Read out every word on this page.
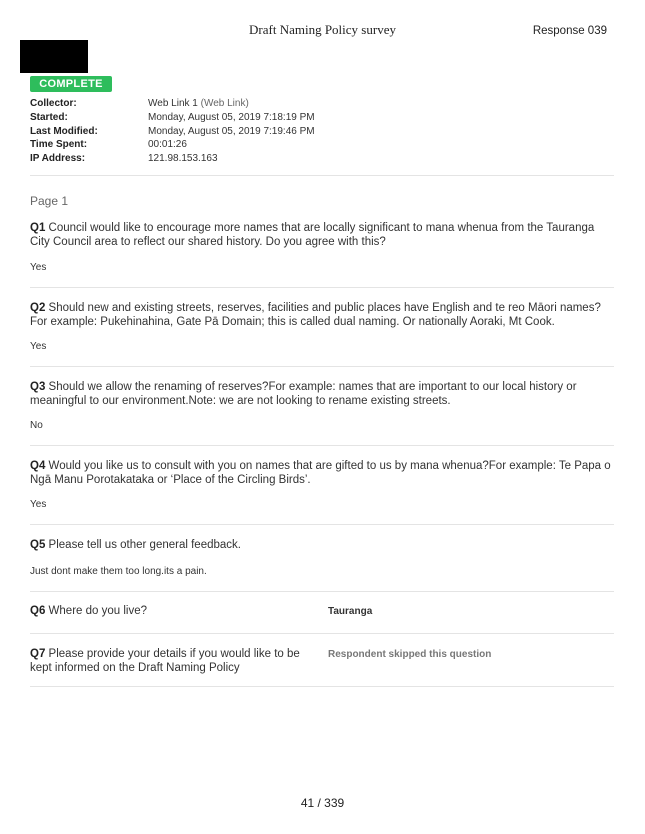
Draft Naming Policy survey	Response 039
COMPLETE
Collector:	Web Link 1 (Web Link)
Started:	Monday, August 05, 2019 7:18:19 PM
Last Modified:	Monday, August 05, 2019 7:19:46 PM
Time Spent:	00:01:26
IP Address:	121.98.153.163
Page 1
Q1 Council would like to encourage more names that are locally significant to mana whenua from the Tauranga City Council area to reflect our shared history. Do you agree with this?
Yes
Q2 Should new and existing streets, reserves, facilities and public places have English and te reo Māori names?For example: Pukehinahina, Gate Pā Domain; this is called dual naming. Or nationally Aoraki, Mt Cook.
Yes
Q3 Should we allow the renaming of reserves?For example: names that are important to our local history or meaningful to our environment.Note: we are not looking to rename existing streets.
No
Q4 Would you like us to consult with you on names that are gifted to us by mana whenua?For example: Te Papa o Ngā Manu Porotakataka or ‘Place of the Circling Birds’.
Yes
Q5 Please tell us other general feedback.
Just dont make them too long.its a pain.
Q6 Where do you live?	Tauranga
Q7 Please provide your details if you would like to be kept informed on the Draft Naming Policy
Respondent skipped this question
41 / 339
